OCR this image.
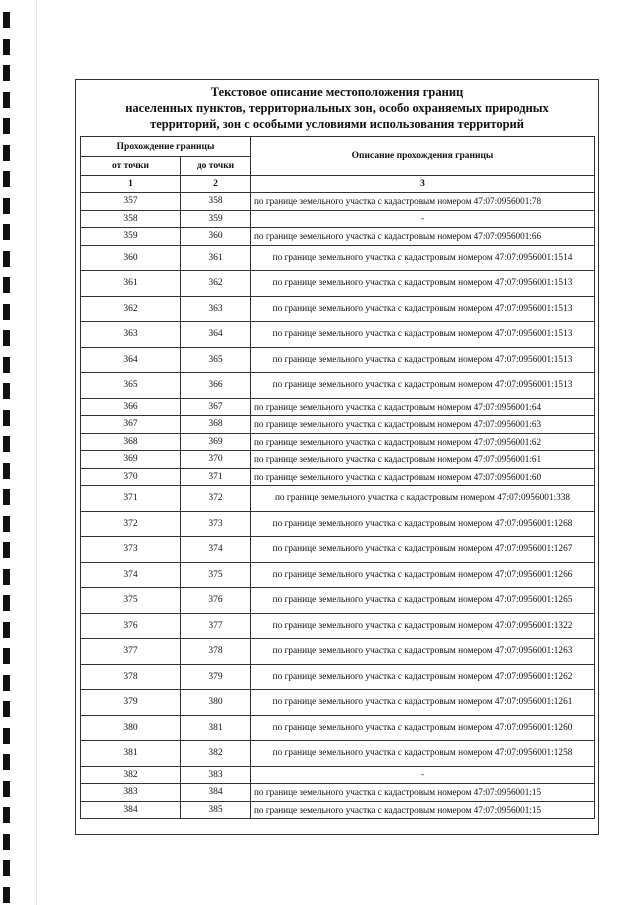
Текстовое описание местоположения границ
населенных пунктов, территориальных зон, особо охраняемых природных
территорий, зон с особыми условиями использования территорий
Прохождение границы		Описание прохождения границы
от точки	до точки	
1	2	3
357	358	по границе земельного участка с кадастровым номером 47:07:0956001:78
358	359	-
359	360	по границе земельного участка с кадастровым номером 47:07:0956001:66
360	361	по границе земельного участка с кадастровым номером 47:07:0956001:1514
361	362	по границе земельного участка с кадастровым номером 47:07:0956001:1513
362	363	по границе земельного участка с кадастровым номером 47:07:0956001:1513
363	364	по границе земельного участка с кадастровым номером 47:07:0956001:1513
364	365	по границе земельного участка с кадастровым номером 47:07:0956001:1513
365	366	по границе земельного участка с кадастровым номером 47:07:0956001:1513
366	367	по границе земельного участка с кадастровым номером 47:07:0956001:64
367	368	по границе земельного участка с кадастровым номером 47:07:0956001:63
368	369	по границе земельного участка с кадастровым номером 47:07:0956001:62
369	370	по границе земельного участка с кадастровым номером 47:07:0956001:61
370	371	по границе земельного участка с кадастровым номером 47:07:0956001:60
371	372	по границе земельного участка с кадастровым номером 47:07:0956001:338
372	373	по границе земельного участка с кадастровым номером 47:07:0956001:1268
373	374	по границе земельного участка с кадастровым номером 47:07:0956001:1267
374	375	по границе земельного участка с кадастровым номером 47:07:0956001:1266
375	376	по границе земельного участка с кадастровым номером 47:07:0956001:1265
376	377	по границе земельного участка с кадастровым номером 47:07:0956001:1322
377	378	по границе земельного участка с кадастровым номером 47:07:0956001:1263
378	379	по границе земельного участка с кадастровым номером 47:07:0956001:1262
379	380	по границе земельного участка с кадастровым номером 47:07:0956001:1261
380	381	по границе земельного участка с кадастровым номером 47:07:0956001:1260
381	382	по границе земельного участка с кадастровым номером 47:07:0956001:1258
382	383	-
383	384	по границе земельного участка с кадастровым номером 47:07:0956001:15
384	385	по границе земельного участка с кадастровым номером 47:07:0956001:15
